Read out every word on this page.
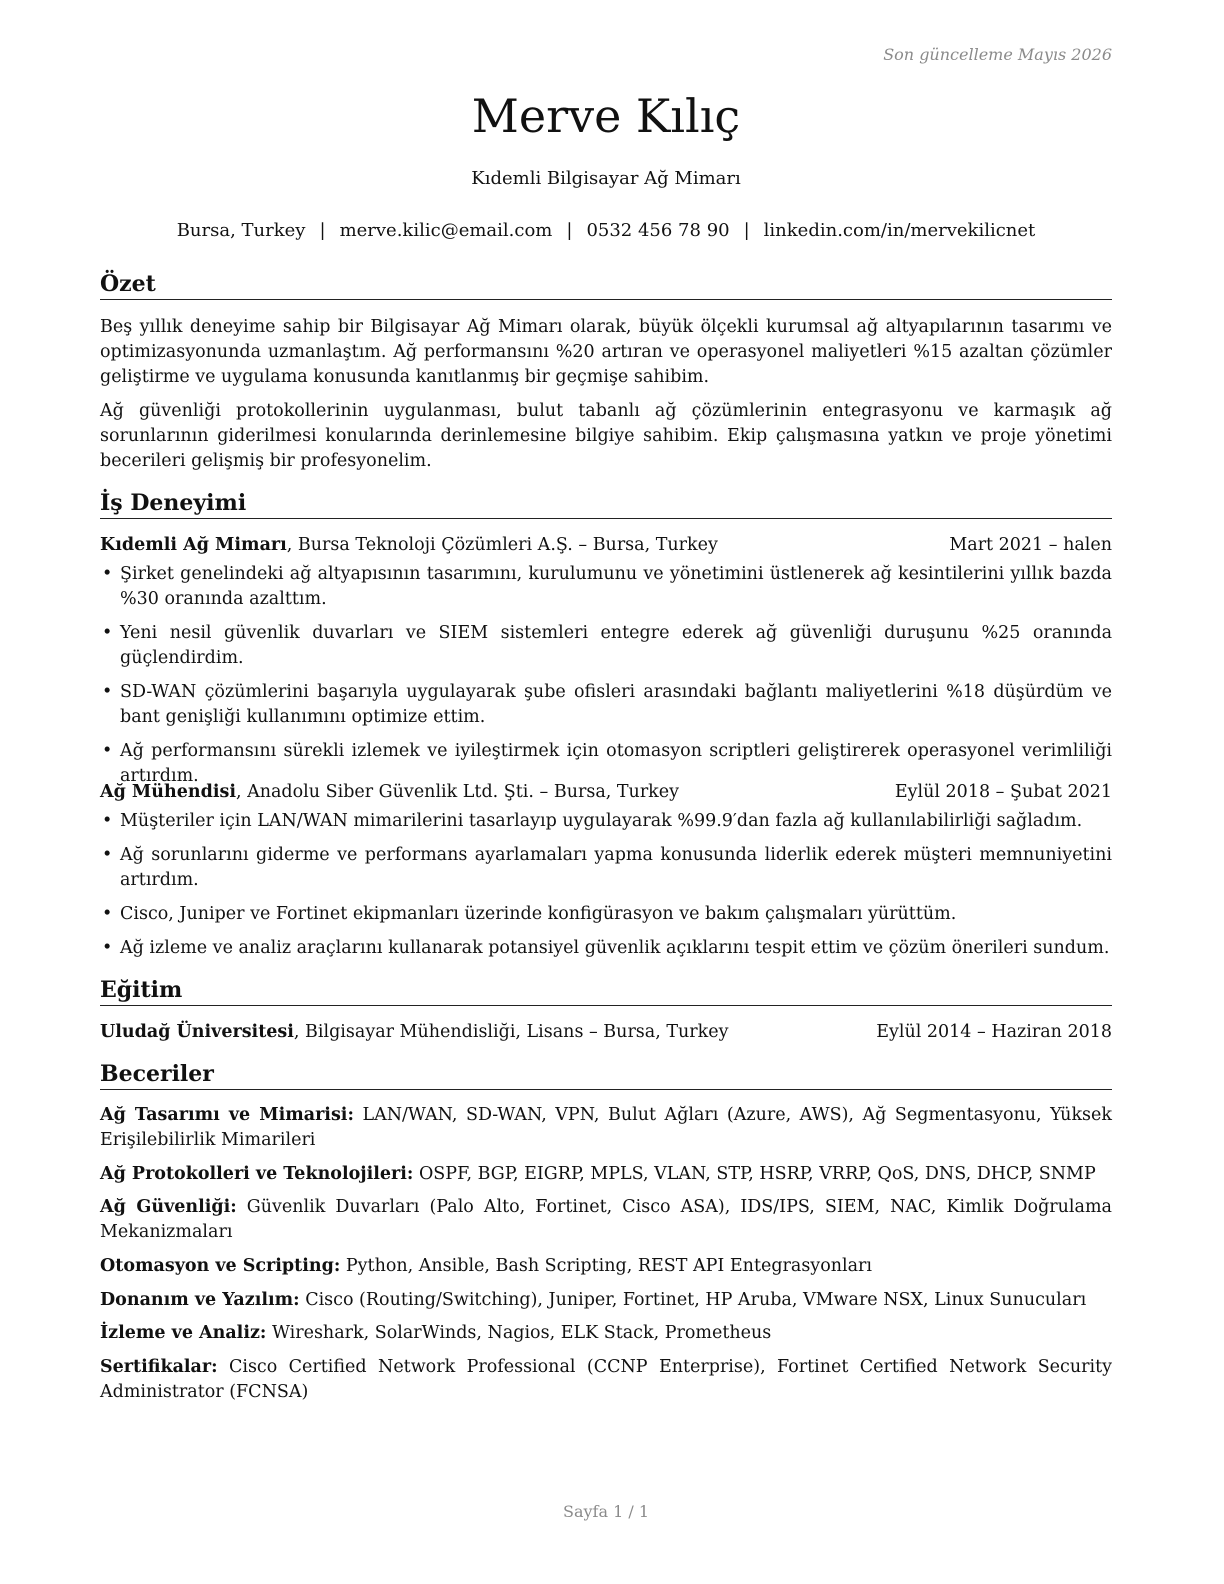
Son güncelleme Mayıs 2026
Merve Kılıç
Kıdemli Bilgisayar Ağ Mimarı
Bursa, Turkey | merve.kilic@email.com | 0532 456 78 90 | linkedin.com/in/mervekilicnet
Özet

Beş yıllık deneyime sahip bir Bilgisayar Ağ Mimarı olarak, büyük ölçekli kurumsal ağ altyapılarının tasarımı ve optimizasyonunda uzmanlaştım. Ağ performansını %20 artıran ve operasyonel maliyetleri %15 azaltan çözümler geliştirme ve uygulama konusunda kanıtlanmış bir geçmişe sahibim.

Ağ güvenliği protokollerinin uygulanması, bulut tabanlı ağ çözümlerinin entegrasyonu ve karmaşık ağ sorunlarının giderilmesi konularında derinlemesine bilgiye sahibim. Ekip çalışmasına yatkın ve proje yönetimi becerileri gelişmiş bir profesyonelim.

İş Deneyimi
Kıdemli Ağ Mimarı, Bursa Teknoloji Çözümleri A.Ş. – Bursa, Turkey	Mart 2021 – halen
• Şirket genelindeki ağ altyapısının tasarımını, kurulumunu ve yönetimini üstlenerek ağ kesintilerini yıllık bazda %30 oranında azalttım.
• Yeni nesil güvenlik duvarları ve SIEM sistemleri entegre ederek ağ güvenliği duruşunu %25 oranında güçlendirdim.
• SD-WAN çözümlerini başarıyla uygulayarak şube ofisleri arasındaki bağlantı maliyetlerini %18 düşürdüm ve bant genişliği kullanımını optimize ettim.
• Ağ performansını sürekli izlemek ve iyileştirmek için otomasyon scriptleri geliştirerek operasyonel verimliliği artırdım.
Ağ Mühendisi, Anadolu Siber Güvenlik Ltd. Şti. – Bursa, Turkey	Eylül 2018 – Şubat 2021
• Müşteriler için LAN/WAN mimarilerini tasarlayıp uygulayarak %99.9′dan fazla ağ kullanılabilirliği sağladım.
• Ağ sorunlarını giderme ve performans ayarlamaları yapma konusunda liderlik ederek müşteri memnuniyetini artırdım.
• Cisco, Juniper ve Fortinet ekipmanları üzerinde konfigürasyon ve bakım çalışmaları yürüttüm.
• Ağ izleme ve analiz araçlarını kullanarak potansiyel güvenlik açıklarını tespit ettim ve çözüm önerileri sundum.
Eğitim
Uludağ Üniversitesi, Bilgisayar Mühendisliği, Lisans – Bursa, Turkey	Eylül 2014 – Haziran 2018
Beceriler

Ağ Tasarımı ve Mimarisi: LAN/WAN, SD-WAN, VPN, Bulut Ağları (Azure, AWS), Ağ Segmentasyonu, Yüksek Erişilebilirlik Mimarileri

Ağ Protokolleri ve Teknolojileri: OSPF, BGP, EIGRP, MPLS, VLAN, STP, HSRP, VRRP, QoS, DNS, DHCP, SNMP

Ağ Güvenliği: Güvenlik Duvarları (Palo Alto, Fortinet, Cisco ASA), IDS/IPS, SIEM, NAC, Kimlik Doğrulama Mekanizmaları

Otomasyon ve Scripting: Python, Ansible, Bash Scripting, REST API Entegrasyonları

Donanım ve Yazılım: Cisco (Routing/Switching), Juniper, Fortinet, HP Aruba, VMware NSX, Linux Sunucuları

İzleme ve Analiz: Wireshark, SolarWinds, Nagios, ELK Stack, Prometheus

Sertifikalar: Cisco Certified Network Professional (CCNP Enterprise), Fortinet Certified Network Security Administrator (FCNSA)

Sayfa 1 / 1
